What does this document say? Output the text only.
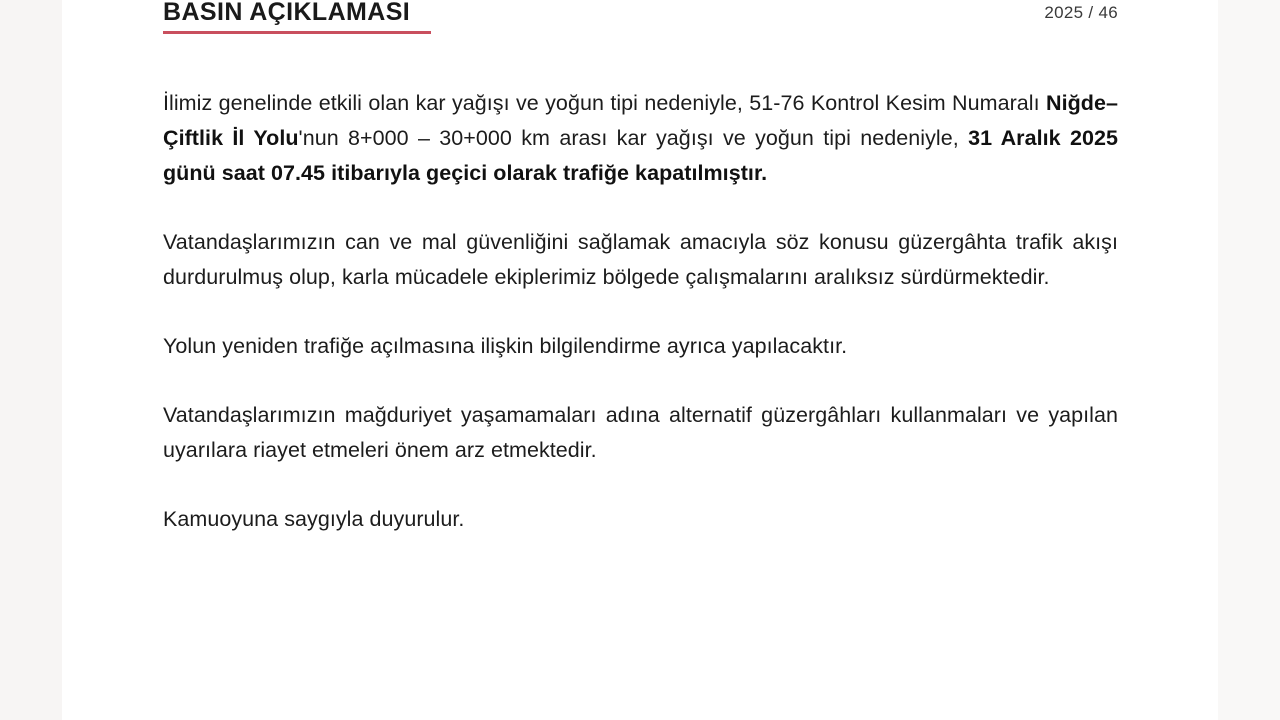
BASIN AÇIKLAMASI	2025 / 46

İlimiz genelinde etkili olan kar yağışı ve yoğun tipi nedeniyle, 51-76 Kontrol Kesim Numaralı Niğde–Çiftlik İl Yolu'nun 8+000 – 30+000 km arası kar yağışı ve yoğun tipi nedeniyle, 31 Aralık 2025 günü saat 07.45 itibarıyla geçici olarak trafiğe kapatılmıştır.

Vatandaşlarımızın can ve mal güvenliğini sağlamak amacıyla söz konusu güzergâhta trafik akışı durdurulmuş olup, karla mücadele ekiplerimiz bölgede çalışmalarını aralıksız sürdürmektedir.

Yolun yeniden trafiğe açılmasına ilişkin bilgilendirme ayrıca yapılacaktır.

Vatandaşlarımızın mağduriyet yaşamamaları adına alternatif güzergâhları kullanmaları ve yapılan uyarılara riayet etmeleri önem arz etmektedir.

Kamuoyuna saygıyla duyurulur.
